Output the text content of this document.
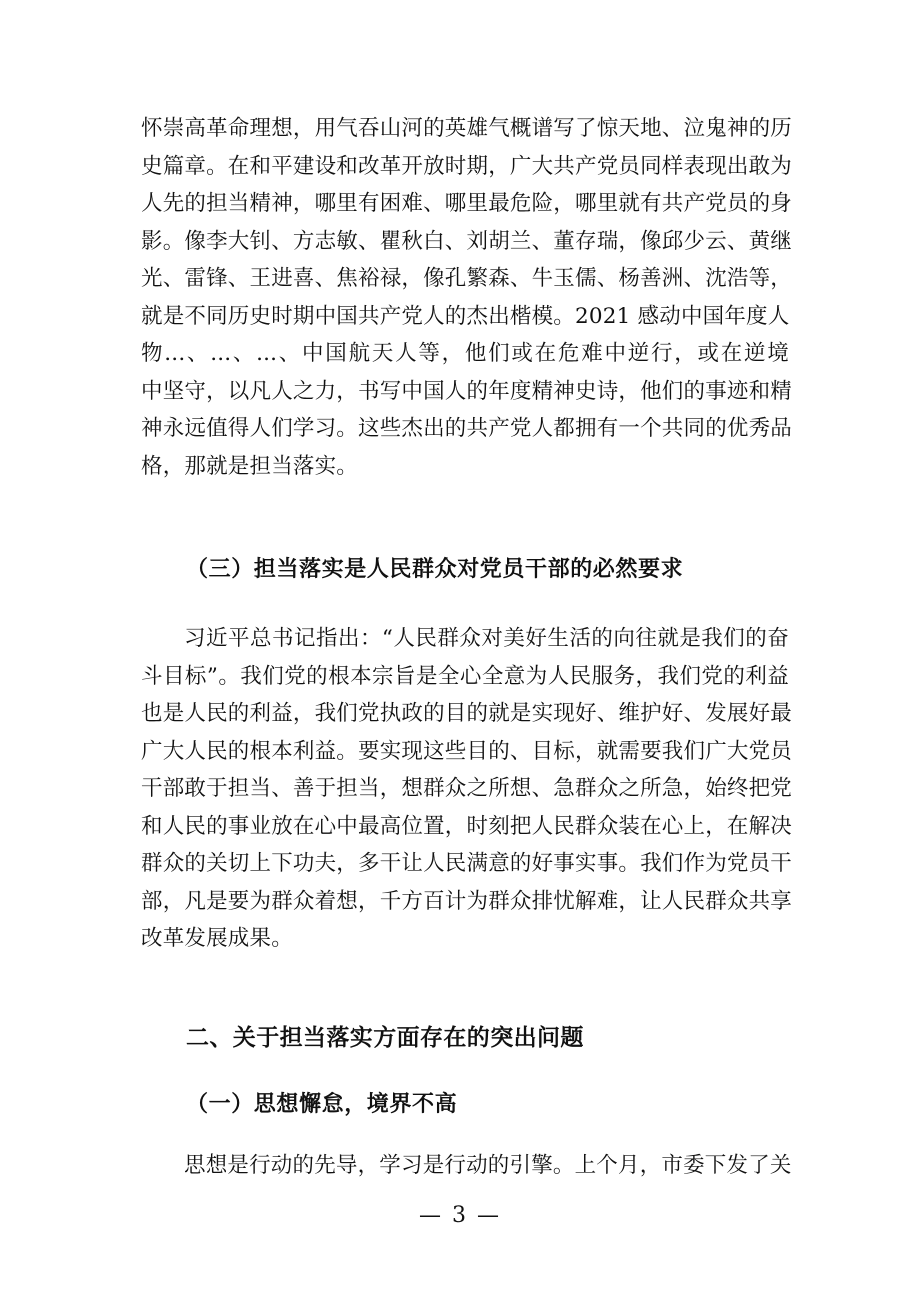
怀崇高革命理想，用气吞山河的英雄气概谱写了惊天地、泣鬼神的历
史篇章。在和平建设和改革开放时期，广大共产党员同样表现出敢为
人先的担当精神，哪里有困难、哪里最危险，哪里就有共产党员的身
影。像李大钊、方志敏、瞿秋白、刘胡兰、董存瑞，像邱少云、黄继
光、雷锋、王进喜、焦裕禄，像孔繁森、牛玉儒、杨善洲、沈浩等，
就是不同历史时期中国共产党人的杰出楷模。2021 感动中国年度人
物...、...、...、中国航天人等，他们或在危难中逆行，或在逆境
中坚守，以凡人之力，书写中国人的年度精神史诗，他们的事迹和精
神永远值得人们学习。这些杰出的共产党人都拥有一个共同的优秀品
格，那就是担当落实。
（三）担当落实是人民群众对党员干部的必然要求
习近平总书记指出：“人民群众对美好生活的向往就是我们的奋
斗目标”。我们党的根本宗旨是全心全意为人民服务，我们党的利益
也是人民的利益，我们党执政的目的就是实现好、维护好、发展好最
广大人民的根本利益。要实现这些目的、目标，就需要我们广大党员
干部敢于担当、善于担当，想群众之所想、急群众之所急，始终把党
和人民的事业放在心中最高位置，时刻把人民群众装在心上，在解决
群众的关切上下功夫，多干让人民满意的好事实事。我们作为党员干
部，凡是要为群众着想，千方百计为群众排忧解难，让人民群众共享
改革发展成果。
二、关于担当落实方面存在的突出问题
（一）思想懈怠，境界不高
思想是行动的先导，学习是行动的引擎。上个月，市委下发了关
— 3 —
